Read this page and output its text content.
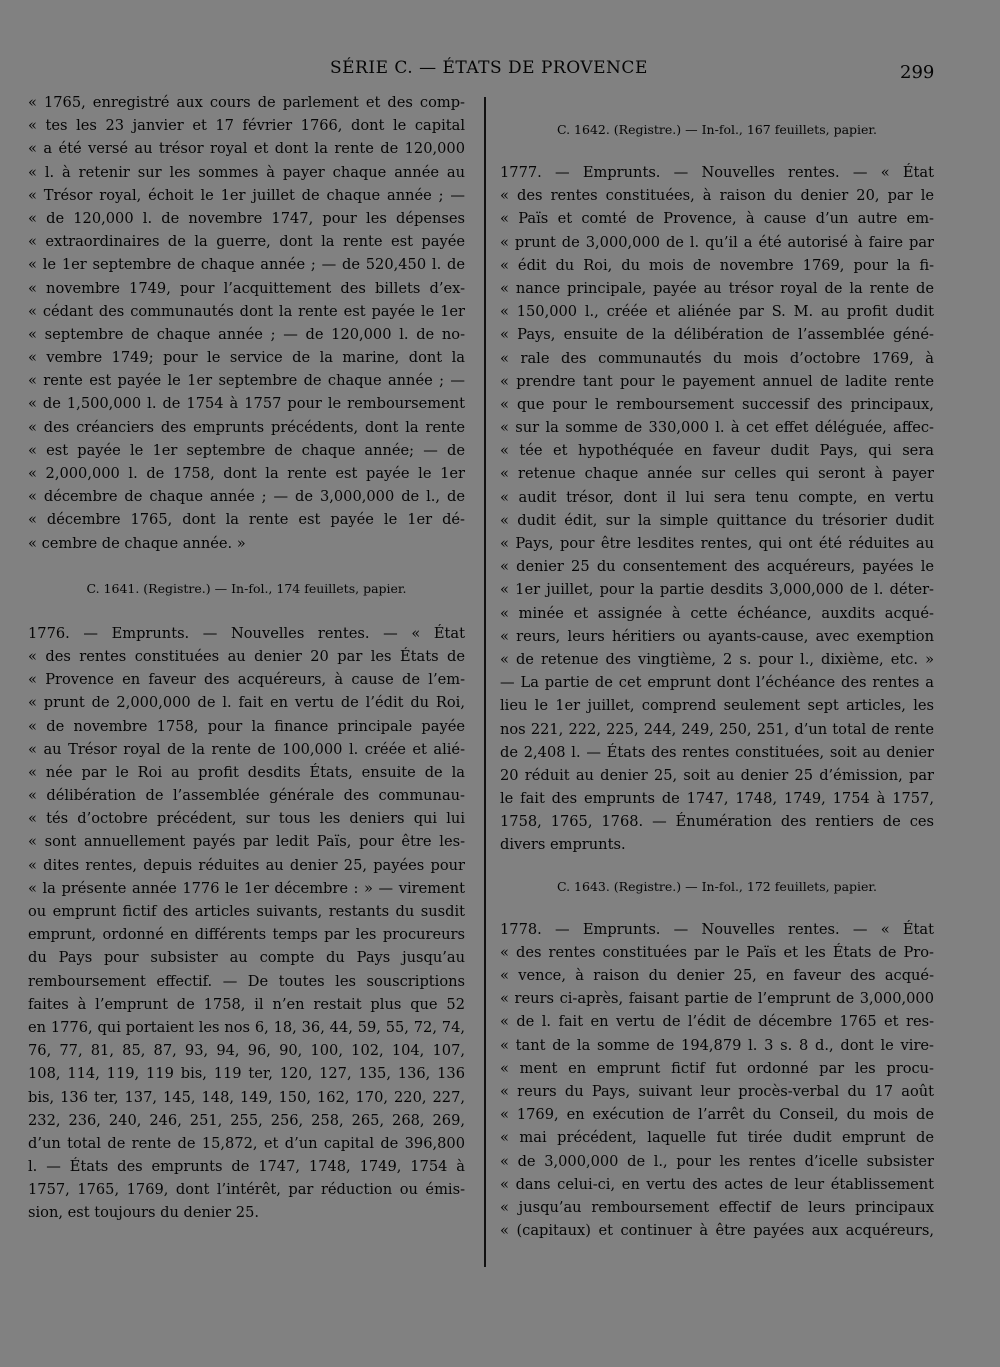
SÉRIE C. — ÉTATS DE PROVENCE	299
« 1765, enregistré aux cours de parlement et des comp-
« tes les 23 janvier et 17 février 1766, dont le capital
« a été versé au trésor royal et dont la rente de 120,000
« l. à retenir sur les sommes à payer chaque année au
« Trésor royal, échoit le 1er juillet de chaque année ; —
« de 120,000 l. de novembre 1747, pour les dépenses
« extraordinaires de la guerre, dont la rente est payée
« le 1er septembre de chaque année ; — de 520,450 l. de
« novembre 1749, pour l’acquittement des billets d’ex-
« cédant des communautés dont la rente est payée le 1er
« septembre de chaque année ; — de 120,000 l. de no-
« vembre 1749; pour le service de la marine, dont la
« rente est payée le 1er septembre de chaque année ; —
« de 1,500,000 l. de 1754 à 1757 pour le remboursement
« des créanciers des emprunts précédents, dont la rente
« est payée le 1er septembre de chaque année; — de
« 2,000,000 l. de 1758, dont la rente est payée le 1er
« décembre de chaque année ; — de 3,000,000 de l., de
« décembre 1765, dont la rente est payée le 1er dé-
« cembre de chaque année. »
C. 1641. (Registre.) — In-fol., 174 feuillets, papier.
1776. — Emprunts. — Nouvelles rentes. — « État
« des rentes constituées au denier 20 par les États de
« Provence en faveur des acquéreurs, à cause de l’em-
« prunt de 2,000,000 de l. fait en vertu de l’édit du Roi,
« de novembre 1758, pour la finance principale payée
« au Trésor royal de la rente de 100,000 l. créée et alié-
« née par le Roi au profit desdits États, ensuite de la
« délibération de l’assemblée générale des communau-
« tés d’octobre précédent, sur tous les deniers qui lui
« sont annuellement payés par ledit Païs, pour être les-
« dites rentes, depuis réduites au denier 25, payées pour
« la présente année 1776 le 1er décembre : » — virement
ou emprunt fictif des articles suivants, restants du susdit
emprunt, ordonné en différents temps par les procureurs
du Pays pour subsister au compte du Pays jusqu’au
remboursement effectif. — De toutes les souscriptions
faites à l’emprunt de 1758, il n’en restait plus que 52
en 1776, qui portaient les nos 6, 18, 36, 44, 59, 55, 72, 74,
76, 77, 81, 85, 87, 93, 94, 96, 90, 100, 102, 104, 107,
108, 114, 119, 119 bis, 119 ter, 120, 127, 135, 136, 136
bis, 136 ter, 137, 145, 148, 149, 150, 162, 170, 220, 227,
232, 236, 240, 246, 251, 255, 256, 258, 265, 268, 269,
d’un total de rente de 15,872, et d’un capital de 396,800
l. — États des emprunts de 1747, 1748, 1749, 1754 à
1757, 1765, 1769, dont l’intérêt, par réduction ou émis-
sion, est toujours du denier 25.
C. 1642. (Registre.) — In-fol., 167 feuillets, papier.
1777. — Emprunts. — Nouvelles rentes. — « État
« des rentes constituées, à raison du denier 20, par le
« Païs et comté de Provence, à cause d’un autre em-
« prunt de 3,000,000 de l. qu’il a été autorisé à faire par
« édit du Roi, du mois de novembre 1769, pour la fi-
« nance principale, payée au trésor royal de la rente de
« 150,000 l., créée et aliénée par S. M. au profit dudit
« Pays, ensuite de la délibération de l’assemblée géné-
« rale des communautés du mois d’octobre 1769, à
« prendre tant pour le payement annuel de ladite rente
« que pour le remboursement successif des principaux,
« sur la somme de 330,000 l. à cet effet déléguée, affec-
« tée et hypothéquée en faveur dudit Pays, qui sera
« retenue chaque année sur celles qui seront à payer
« audit trésor, dont il lui sera tenu compte, en vertu
« dudit édit, sur la simple quittance du trésorier dudit
« Pays, pour être lesdites rentes, qui ont été réduites au
« denier 25 du consentement des acquéreurs, payées le
« 1er juillet, pour la partie desdits 3,000,000 de l. déter-
« minée et assignée à cette échéance, auxdits acqué-
« reurs, leurs héritiers ou ayants-cause, avec exemption
« de retenue des vingtième, 2 s. pour l., dixième, etc. »
— La partie de cet emprunt dont l’échéance des rentes a
lieu le 1er juillet, comprend seulement sept articles, les
nos 221, 222, 225, 244, 249, 250, 251, d’un total de rente
de 2,408 l. — États des rentes constituées, soit au denier
20 réduit au denier 25, soit au denier 25 d’émission, par
le fait des emprunts de 1747, 1748, 1749, 1754 à 1757,
1758, 1765, 1768. — Énumération des rentiers de ces
divers emprunts.
C. 1643. (Registre.) — In-fol., 172 feuillets, papier.
1778. — Emprunts. — Nouvelles rentes. — « État
« des rentes constituées par le Païs et les États de Pro-
« vence, à raison du denier 25, en faveur des acqué-
« reurs ci-après, faisant partie de l’emprunt de 3,000,000
« de l. fait en vertu de l’édit de décembre 1765 et res-
« tant de la somme de 194,879 l. 3 s. 8 d., dont le vire-
« ment en emprunt fictif fut ordonné par les procu-
« reurs du Pays, suivant leur procès-verbal du 17 août
« 1769, en exécution de l’arrêt du Conseil, du mois de
« mai précédent, laquelle fut tirée dudit emprunt de
« de 3,000,000 de l., pour les rentes d’icelle subsister
« dans celui-ci, en vertu des actes de leur établissement
« jusqu’au remboursement effectif de leurs principaux
« (capitaux) et continuer à être payées aux acquéreurs,
